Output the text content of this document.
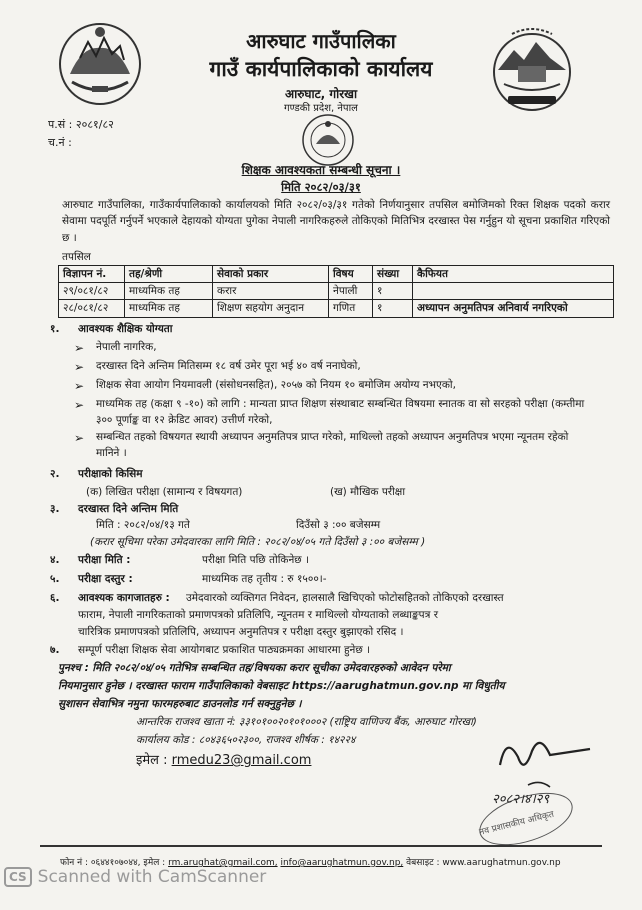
आरुघाट गाउँपालिका
गाउँ कार्यपालिकाको कार्यालय
आरुघाट, गोरखा
गण्डकी प्रदेश, नेपाल
प.सं : २०८१/८२
च.नं :
शिक्षक आवश्यकता सम्बन्धी सूचना ।
मिति २०८२/०३/३१
आरुघाट गाउँपालिका, गाउँकार्यपालिकाको कार्यालयको मिति २०८२/०३/३१ गतेको निर्णयानुसार तपसिल बमोजिमको रिक्त शिक्षक पदको करार सेवामा पदपूर्ति गर्नुपर्ने भएकाले देहायको योग्यता पुगेका नेपाली नागरिकहरुले तोकिएको मितिभित्र दरखास्त पेस गर्नुहुन यो सूचना प्रकाशित गरिएको छ ।
तपसिल
विज्ञापन नं.	तह/श्रेणी	सेवाको प्रकार	विषय	संख्या	कैफियत
२९/०८१/८२	माध्यमिक तह	करार	नेपाली	१	
२८/०८१/८२	माध्यमिक तह	शिक्षण सहयोग अनुदान	गणित	१	अध्यापन अनुमतिपत्र अनिवार्य नगरिएको
१. आवश्यक शैक्षिक योग्यता
➢	नेपाली नागरिक,
➢	दरखास्त दिने अन्तिम मितिसम्म १८ वर्ष उमेर पूरा भई ४० वर्ष ननाघेको,
➢	शिक्षक सेवा आयोग नियमावली (संसोधनसहित), २०५७ को नियम १० बमोजिम अयोग्य नभएको,
➢	माध्यमिक तह (कक्षा ९ -१०) को लागि : मान्यता प्राप्त शिक्षण संस्थाबाट सम्बन्धित विषयमा स्नातक वा सो सरहको परीक्षा (कम्तीमा ३०० पूर्णाङ्क वा १२ क्रेडिट आवर) उत्तीर्ण गरेको,
➢	सम्बन्धित तहको विषयगत स्थायी अध्यापन अनुमतिपत्र प्राप्त गरेको, माथिल्लो तहको अध्यापन अनुमतिपत्र भएमा न्यूनतम रहेको मानिने ।
२. परीक्षाको किसिम
(क) लिखित परीक्षा (सामान्य र विषयगत)	(ख) मौखिक परीक्षा
३. दरखास्त दिने अन्तिम मिति
मिति : २०८२/०४/१३ गते	दिउँसो ३ :०० बजेसम्म
(करार सूचिमा परेका उमेदवारका लागि मिति : २०८२/०४/०५ गते दिउँसो ३ :०० बजेसम्म )
४. परीक्षा मिति :	परीक्षा मिति पछि तोकिनेछ ।
५. परीक्षा दस्तुर :	माध्यमिक तह तृतीय : रु १५००।-
६. आवश्यक कागजातहरु : उमेदवारको व्यक्तिगत निवेदन, हालसालै खिचिएको फोटोसहितको तोकिएको दरखास्त
फाराम, नेपाली नागरिकताको प्रमाणपत्रको प्रतिलिपि, न्यूनतम र माथिल्लो योग्यताको लब्धाङ्कपत्र र
चारित्रिक प्रमाणपत्रको प्रतिलिपि, अध्यापन अनुमतिपत्र र परीक्षा दस्तुर बुझाएको रसिद ।
७. सम्पूर्ण परीक्षा शिक्षक सेवा आयोगबाट प्रकाशित पाठ्यक्रमका आधारमा हुनेछ ।
पुनश्च : मिति २०८२/०४/०५ गतेभित्र सम्बन्धित तह/विषयका करार सूचीका उमेदवारहरुको आवेदन परेमा
नियमानुसार हुनेछ । दरखास्त फाराम गाउँपालिकाको वेबसाइट https://aarughatmun.gov.np मा विधुतीय
सुशासन सेवाभित्र नमुना फारमहरुबाट डाउनलोड गर्न सक्नुहुनेछ ।
आन्तरिक राजश्व खाता नं: ३३१०१००२०१०१०००२ (राष्ट्रिय वाणिज्य बैंक, आरुघाट गोरखा)
कार्यालय कोड : ८०४३६५०२३००, राजश्व शीर्षक : १४२२४
इमेल : rmedu23@gmail.com
२०८२।४।२९
नव प्रशासकीय अधिकृत
फोन नं : ०६४४१०७०४४, इमेल : rm.arughat@gmail.com, info@aarughatmun.gov.np, वेबसाइट : www.aarughatmun.gov.np
CS Scanned with CamScanner
